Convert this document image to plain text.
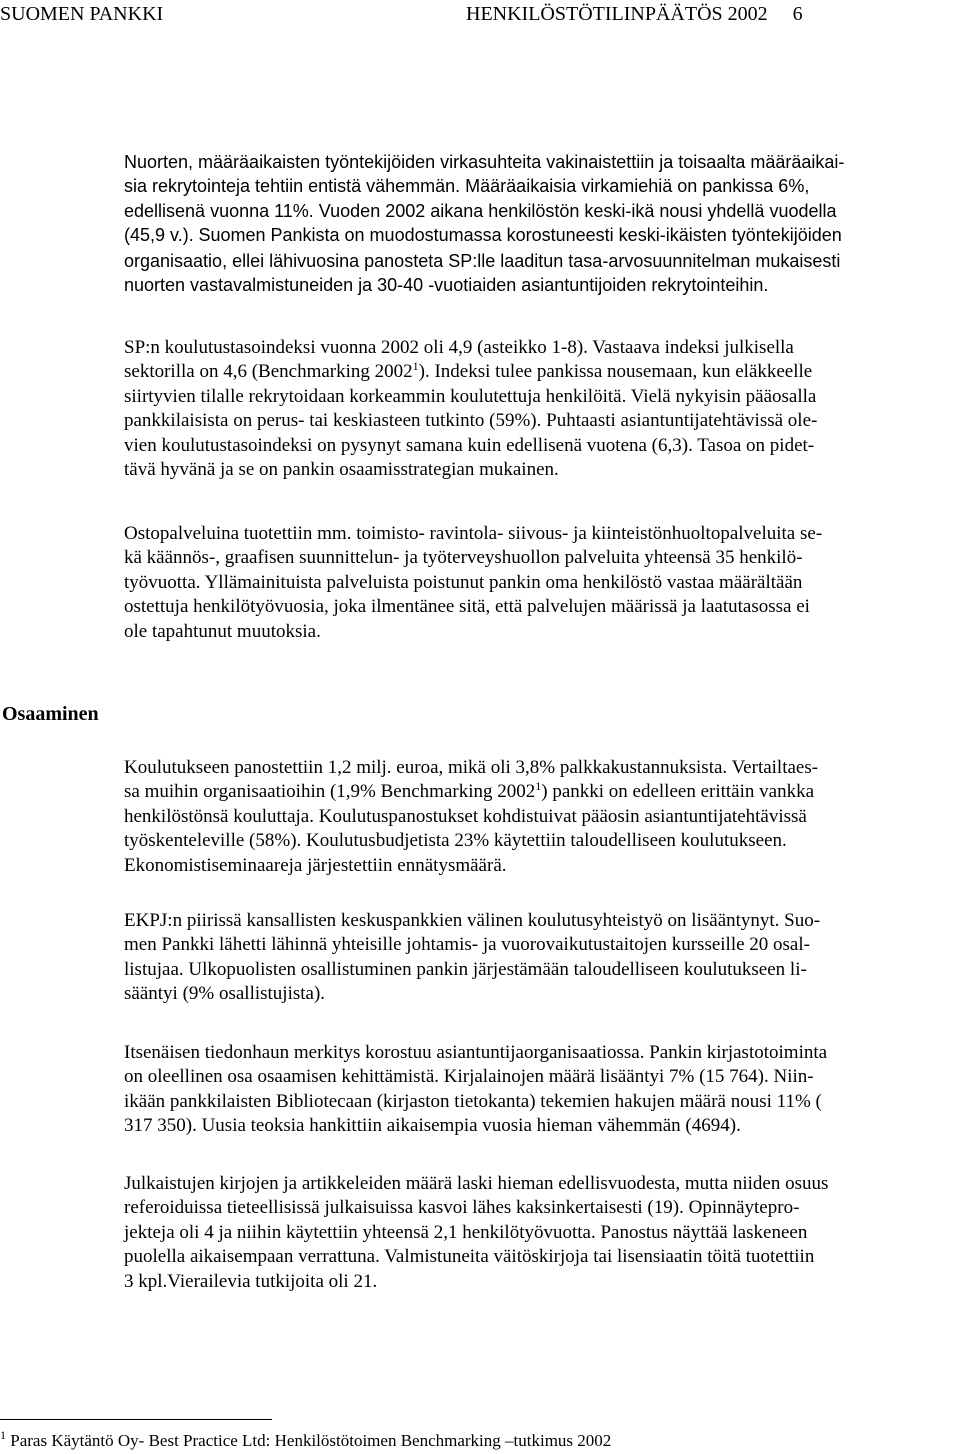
SUOMEN PANKKI	HENKILÖSTÖTILINPÄÄTÖS 2002 6
Nuorten, määräaikaisten työntekijöiden virkasuhteita vakinaistettiin ja toisaalta määräaikai-
sia rekrytointeja tehtiin entistä vähemmän. Määräaikaisia virkamiehiä on pankissa 6%,
edellisenä vuonna 11%. Vuoden 2002 aikana henkilöstön keski-ikä nousi yhdellä vuodella
(45,9 v.). Suomen Pankista on muodostumassa korostuneesti keski-ikäisten työntekijöiden
organisaatio, ellei lähivuosina panosteta SP:lle laaditun tasa-arvosuunnitelman mukaisesti
nuorten vastavalmistuneiden ja 30-40 -vuotiaiden asiantuntijoiden rekrytointeihin.
SP:n koulutustasoindeksi vuonna 2002 oli 4,9 (asteikko 1-8). Vastaava indeksi julkisella
sektorilla on 4,6 (Benchmarking 2002$^1$). Indeksi tulee pankissa nousemaan, kun eläkkeelle
siirtyvien tilalle rekrytoidaan korkeammin koulutettuja henkilöitä. Vielä nykyisin pääosalla
pankkilaisista on perus- tai keskiasteen tutkinto (59%). Puhtaasti asiantuntijatehtävissä ole-
vien koulutustasoindeksi on pysynyt samana kuin edellisenä vuotena (6,3). Tasoa on pidet-
tävä hyvänä ja se on pankin osaamisstrategian mukainen.
Ostopalveluina tuotettiin mm. toimisto- ravintola- siivous- ja kiinteistönhuoltopalveluita se-
kä käännös-, graafisen suunnittelun- ja työterveyshuollon palveluita yhteensä 35 henkilö-
työvuotta. Yllämainituista palveluista poistunut pankin oma henkilöstö vastaa määrältään
ostettuja henkilötyövuosia, joka ilmentänee sitä, että palvelujen määrissä ja laatutasossa ei
ole tapahtunut muutoksia.
Osaaminen
Koulutukseen panostettiin 1,2 milj. euroa, mikä oli 3,8% palkkakustannuksista. Vertailtaes-
sa muihin organisaatioihin (1,9% Benchmarking 2002$^1$) pankki on edelleen erittäin vankka
henkilöstönsä kouluttaja. Koulutuspanostukset kohdistuivat pääosin asiantuntijatehtävissä
työskenteleville (58%). Koulutusbudjetista 23% käytettiin taloudelliseen koulutukseen.
Ekonomistiseminaareja järjestettiin ennätysmäärä.
EKPJ:n piirissä kansallisten keskuspankkien välinen koulutusyhteistyö on lisääntynyt. Suo-
men Pankki lähetti lähinnä yhteisille johtamis- ja vuorovaikutustaitojen kursseille 20 osal-
listujaa. Ulkopuolisten osallistuminen pankin järjestämään taloudelliseen koulutukseen li-
sääntyi (9% osallistujista).
Itsenäisen tiedonhaun merkitys korostuu asiantuntijaorganisaatiossa. Pankin kirjastotoiminta
on oleellinen osa osaamisen kehittämistä. Kirjalainojen määrä lisääntyi 7% (15 764). Niin-
ikään pankkilaisten Bibliotecaan (kirjaston tietokanta) tekemien hakujen määrä nousi 11% (
317 350). Uusia teoksia hankittiin aikaisempia vuosia hieman vähemmän (4694).
Julkaistujen kirjojen ja artikkeleiden määrä laski hieman edellisvuodesta, mutta niiden osuus
referoiduissa tieteellisissä julkaisuissa kasvoi lähes kaksinkertaisesti (19). Opinnäytepro-
jekteja oli 4 ja niihin käytettiin yhteensä 2,1 henkilötyövuotta. Panostus näyttää laskeneen
puolella aikaisempaan verrattuna. Valmistuneita väitöskirjoja tai lisensiaatin töitä tuotettiin
3 kpl.Vierailevia tutkijoita oli 21.
$^1$ Paras Käytäntö Oy- Best Practice Ltd: Henkilöstötoimen Benchmarking –tutkimus 2002
